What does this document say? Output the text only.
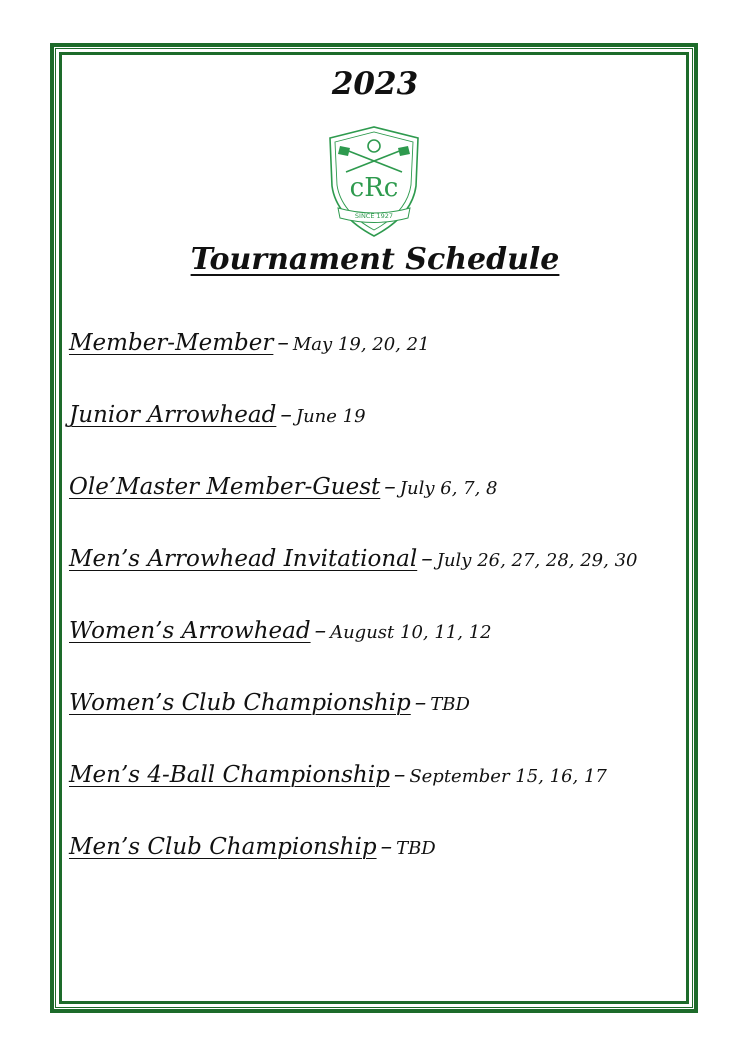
2023
cRc
SINCE 1927
Tournament Schedule
Member-Member – May 19, 20, 21
Junior Arrowhead – June 19
Ole’Master Member-Guest – July 6, 7, 8
Men’s Arrowhead Invitational – July 26, 27, 28, 29, 30
Women’s Arrowhead – August 10, 11, 12
Women’s Club Championship – TBD
Men’s 4-Ball Championship – September 15, 16, 17
Men’s Club Championship – TBD
